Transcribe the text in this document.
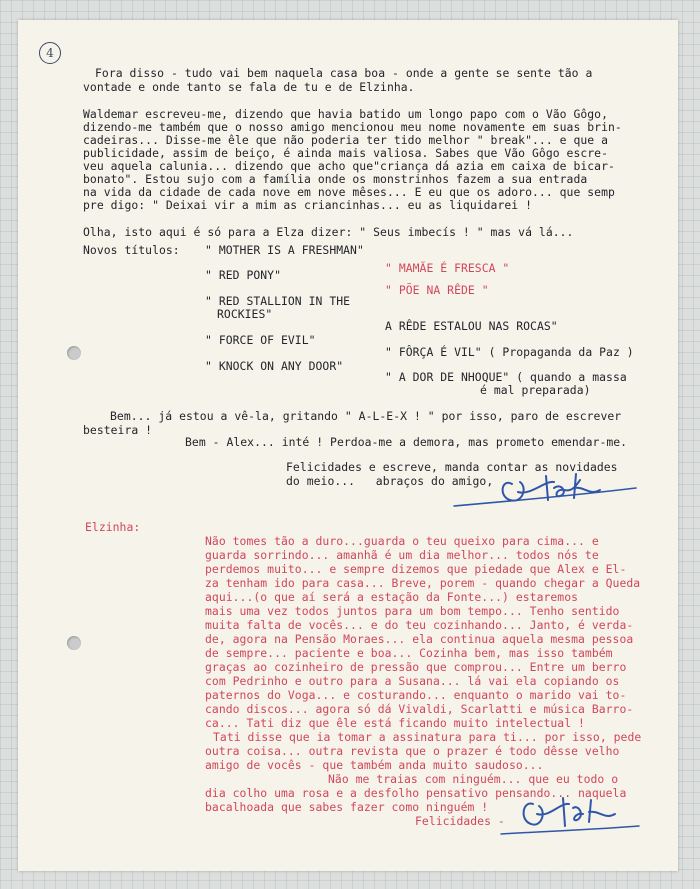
4
Fora disso - tudo vai bem naquela casa boa - onde a gente se sente tão a
vontade e onde tanto se fala de tu e de Elzinha.
Waldemar escreveu-me, dizendo que havia batido um longo papo com o Vão Gôgo,
dizendo-me também que o nosso amigo mencionou meu nome novamente em suas brin-
cadeiras... Disse-me êle que não poderia ter tido melhor " break"... e que a
publicidade, assim de beiço, é ainda mais valiosa. Sabes que Vão Gôgo escre-
veu aquela calunia... dizendo que acho que"criança dá azia em caixa de bicar-
bonato". Estou sujo com a família onde os monstrinhos fazem a sua entrada
na vida da cidade de cada nove em nove mêses... E eu que os adoro... que semp
pre digo: " Deixai vir a mim as criancinhas... eu as liquidarei !
Olha, isto aqui é só para a Elza dizer: " Seus imbecís ! " mas vá lá...
Novos títulos: " MOTHER IS A FRESHMAN"
" RED PONY"
" RED STALLION IN THE
ROCKIES"
" FORCE OF EVIL"
" KNOCK ON ANY DOOR"
" MAMÃE É FRESCA "
" PÕE NA RÊDE "
A RÊDE ESTALOU NAS ROCAS"
" FÔRÇA É VIL" ( Propaganda da Paz )
" A DOR DE NHOQUE" ( quando a massa
é mal preparada)
Bem... já estou a vê-la, gritando " A-L-E-X ! " por isso, paro de escrever
besteira !
Bem - Alex... inté ! Perdoa-me a demora, mas prometo emendar-me.
Felicidades e escreve, manda contar as novidades
do meio...   abraços do amigo,
Elzinha:
Não tomes tão a duro...guarda o teu queixo para cima... e
guarda sorrindo... amanhã é um dia melhor... todos nós te
perdemos muito... e sempre dizemos que piedade que Alex e El-
za tenham ido para casa... Breve, porem - quando chegar a Queda
aqui...(o que aí será a estação da Fonte...) estaremos
mais uma vez todos juntos para um bom tempo... Tenho sentido
muita falta de vocês... e do teu cozinhando... Janto, é verda-
de, agora na Pensão Moraes... ela continua aquela mesma pessoa
de sempre... paciente e boa... Cozinha bem, mas isso também
graças ao cozinheiro de pressão que comprou... Entre um berro
com Pedrinho e outro para a Susana... lá vai ela copiando os
paternos do Voga... e costurando... enquanto o marido vai to-
cando discos... agora só dá Vivaldi, Scarlatti e música Barro-
ca... Tati diz que êle está ficando muito intelectual !
Tati disse que ia tomar a assinatura para ti... por isso, pede
outra coisa... outra revista que o prazer é todo dêsse velho
amigo de vocês - que também anda muito saudoso...
Não me traias com ninguém... que eu todo o
dia colho uma rosa e a desfolho pensativo pensando... naquela
bacalhoada que sabes fazer como ninguém !
Felicidades -
